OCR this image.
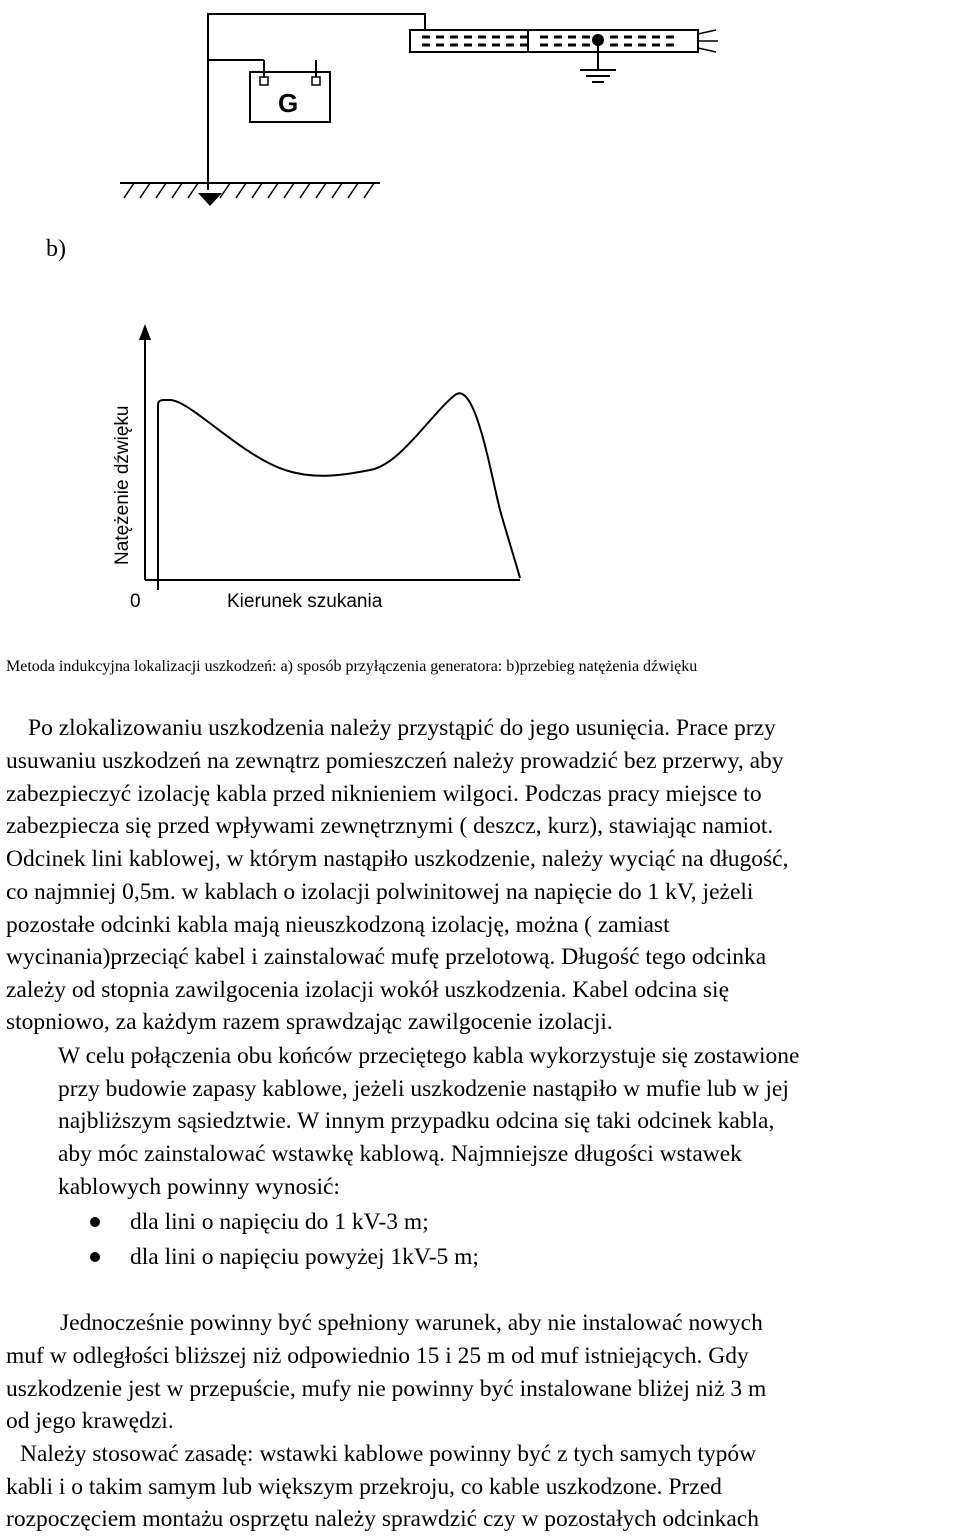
G
b)
Natężenie dźwięku
0	Kierunek szukania
Metoda indukcyjna lokalizacji uszkodzeń: a) sposób przyłączenia generatora: b)przebieg natężenia dźwięku
Po zlokalizowaniu uszkodzenia należy przystąpić do jego usunięcia. Prace przy
usuwaniu uszkodzeń na zewnątrz pomieszczeń należy prowadzić bez przerwy, aby
zabezpieczyć izolację kabla przed niknieniem wilgoci. Podczas pracy miejsce to
zabezpiecza się przed wpływami zewnętrznymi ( deszcz, kurz), stawiając namiot.
Odcinek lini kablowej, w którym nastąpiło uszkodzenie, należy wyciąć na długość,
co najmniej 0,5m. w kablach o izolacji polwinitowej na napięcie do 1 kV, jeżeli
pozostałe odcinki kabla mają nieuszkodzoną izolację, można ( zamiast
wycinania)przeciąć kabel i zainstalować mufę przelotową. Długość tego odcinka
zależy od stopnia zawilgocenia izolacji wokół uszkodzenia. Kabel odcina się
stopniowo, za każdym razem sprawdzając zawilgocenie izolacji.
W celu połączenia obu końców przeciętego kabla wykorzystuje się zostawione
przy budowie zapasy kablowe, jeżeli uszkodzenie nastąpiło w mufie lub w jej
najbliższym sąsiedztwie. W innym przypadku odcina się taki odcinek kabla,
aby móc zainstalować wstawkę kablową. Najmniejsze długości wstawek
kablowych powinny wynosić:
dla lini o napięciu do 1 kV-3 m;
dla lini o napięciu powyżej 1kV-5 m;
Jednocześnie powinny być spełniony warunek, aby nie instalować nowych
muf w odległości bliższej niż odpowiednio 15 i 25 m od muf istniejących. Gdy
uszkodzenie jest w przepuście, mufy nie powinny być instalowane bliżej niż 3 m
od jego krawędzi.
Należy stosować zasadę: wstawki kablowe powinny być z tych samych typów
kabli i o takim samym lub większym przekroju, co kable uszkodzone. Przed
rozpoczęciem montażu osprzętu należy sprawdzić czy w pozostałych odcinkach
